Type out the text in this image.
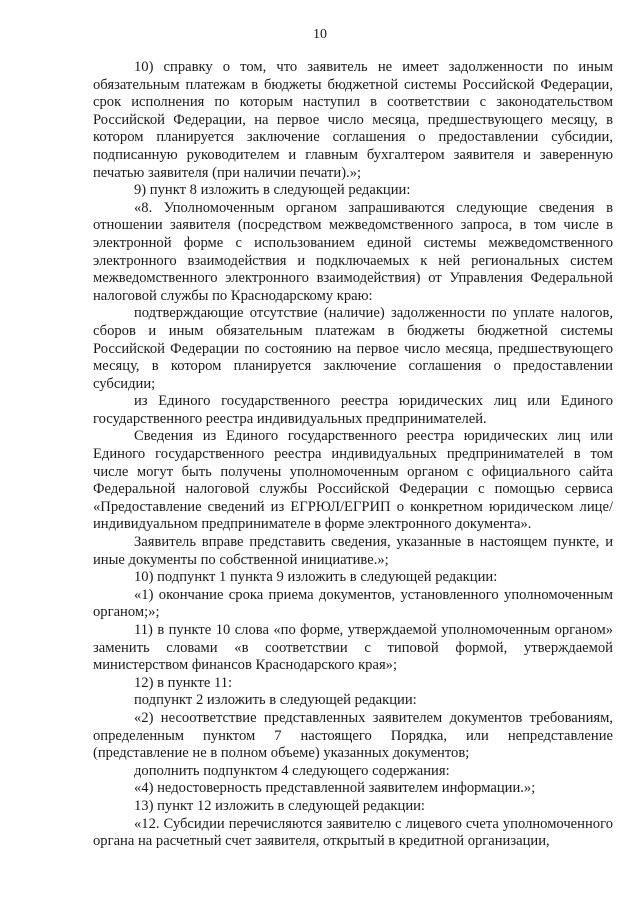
10

10) справку о том, что заявитель не имеет задолженности по иным обязательным платежам в бюджеты бюджетной системы Российской Федерации, срок исполнения по которым наступил в соответствии с законодательством Российской Федерации, на первое число месяца, предшествующего месяцу, в котором планируется заключение соглашения о предоставлении субсидии, подписанную руководителем и главным бухгалтером заявителя и заверенную печатью заявителя (при наличии печати).»;

9) пункт 8 изложить в следующей редакции:

«8. Уполномоченным органом запрашиваются следующие сведения в отношении заявителя (посредством межведомственного запроса, в том числе в электронной форме с использованием единой системы межведомственного электронного взаимодействия и подключаемых к ней региональных систем межведомственного электронного взаимодействия) от Управления Федеральной налоговой службы по Краснодарскому краю:

подтверждающие отсутствие (наличие) задолженности по уплате налогов, сборов и иным обязательным платежам в бюджеты бюджетной системы Российской Федерации по состоянию на первое число месяца, предшествующего месяцу, в котором планируется заключение соглашения о предоставлении субсидии;

из Единого государственного реестра юридических лиц или Единого государственного реестра индивидуальных предпринимателей.

Сведения из Единого государственного реестра юридических лиц или Единого государственного реестра индивидуальных предпринимателей в том числе могут быть получены уполномоченным органом с официального сайта Федеральной налоговой службы Российской Федерации с помощью сервиса «Предоставление сведений из ЕГРЮЛ/ЕГРИП о конкретном юридическом лице/индивидуальном предпринимателе в форме электронного документа».

Заявитель вправе представить сведения, указанные в настоящем пункте, и иные документы по собственной инициативе.»;

10) подпункт 1 пункта 9 изложить в следующей редакции:

«1) окончание срока приема документов, установленного уполномоченным органом;»;

11) в пункте 10 слова «по форме, утверждаемой уполномоченным органом» заменить словами «в соответствии с типовой формой, утверждаемой министерством финансов Краснодарского края»;

12) в пункте 11:

подпункт 2 изложить в следующей редакции:

«2) несоответствие представленных заявителем документов требованиям, определенным пунктом 7 настоящего Порядка, или непредставление (представление не в полном объеме) указанных документов;

дополнить подпунктом 4 следующего содержания:

«4) недостоверность представленной заявителем информации.»;

13) пункт 12 изложить в следующей редакции:

«12. Субсидии перечисляются заявителю с лицевого счета уполномоченного органа на расчетный счет заявителя, открытый в кредитной организации,
